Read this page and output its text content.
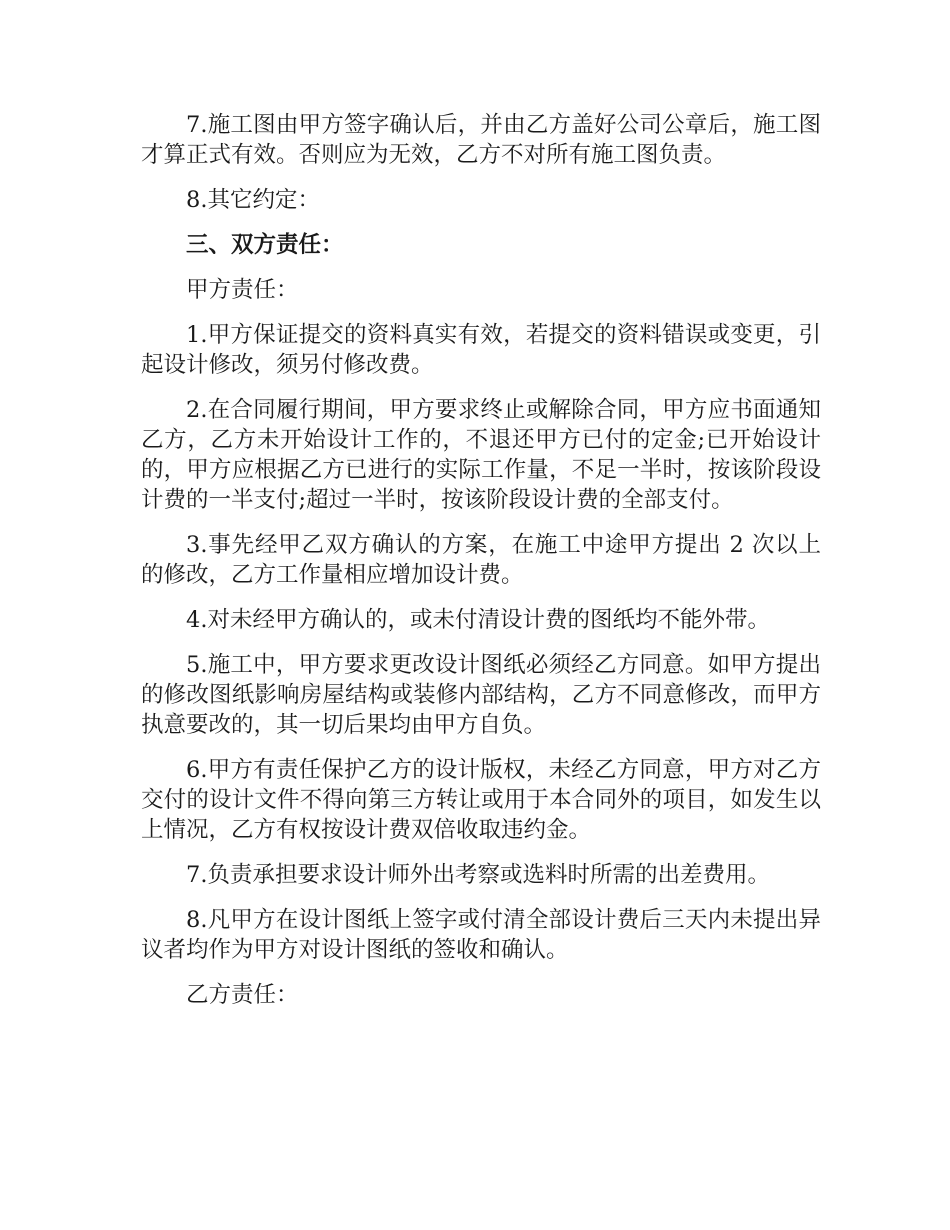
7.施工图由甲方签字确认后，并由乙方盖好公司公章后，施工图才算正式有效。否则应为无效，乙方不对所有施工图负责。

8.其它约定：

三、双方责任：

甲方责任：

1.甲方保证提交的资料真实有效，若提交的资料错误或变更，引起设计修改，须另付修改费。

2.在合同履行期间，甲方要求终止或解除合同，甲方应书面通知乙方，乙方未开始设计工作的，不退还甲方已付的定金;已开始设计的，甲方应根据乙方已进行的实际工作量，不足一半时，按该阶段设计费的一半支付;超过一半时，按该阶段设计费的全部支付。

3.事先经甲乙双方确认的方案，在施工中途甲方提出 2 次以上的修改，乙方工作量相应增加设计费。

4.对未经甲方确认的，或未付清设计费的图纸均不能外带。

5.施工中，甲方要求更改设计图纸必须经乙方同意。如甲方提出的修改图纸影响房屋结构或装修内部结构，乙方不同意修改，而甲方执意要改的，其一切后果均由甲方自负。

6.甲方有责任保护乙方的设计版权，未经乙方同意，甲方对乙方交付的设计文件不得向第三方转让或用于本合同外的项目，如发生以上情况，乙方有权按设计费双倍收取违约金。

7.负责承担要求设计师外出考察或选料时所需的出差费用。

8.凡甲方在设计图纸上签字或付清全部设计费后三天内未提出异议者均作为甲方对设计图纸的签收和确认。

乙方责任：
